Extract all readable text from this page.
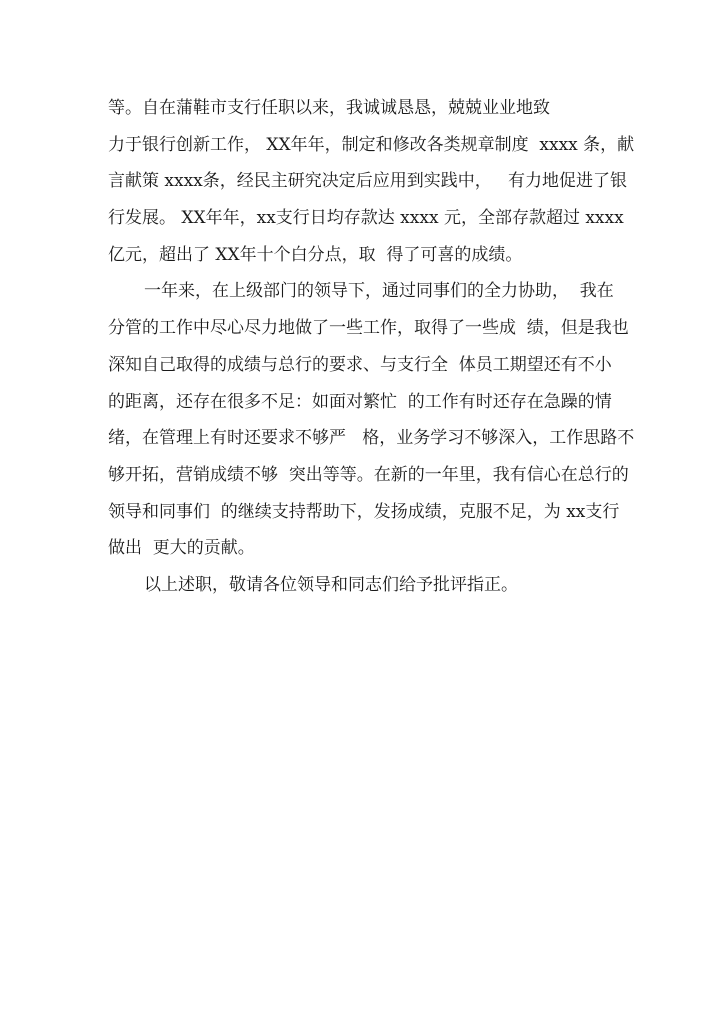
等。自在蒲鞋市支行任职以来，我诚诚恳恳，兢兢业业地致
力于银行创新工作， XX年年，制定和修改各类规章制度  xxxx 条，献
言献策 xxxx条，经民主研究决定后应用到实践中，   有力地促进了银
行发展。 XX年年，xx支行日均存款达 xxxx 元，全部存款超过 xxxx
亿元，超出了 XX年十个白分点，取  得了可喜的成绩。
一年来，在上级部门的领导下，通过同事们的全力协助，  我在
分管的工作中尽心尽力地做了一些工作，取得了一些成  绩，但是我也
深知自己取得的成绩与总行的要求、与支行全  体员工期望还有不小
的距离，还存在很多不足：如面对繁忙  的工作有时还存在急躁的情
绪，在管理上有时还要求不够严   格，业务学习不够深入，工作思路不
够开拓，营销成绩不够  突出等等。在新的一年里，我有信心在总行的
领导和同事们  的继续支持帮助下，发扬成绩，克服不足，为 xx支行
做出  更大的贡献。
以上述职，敬请各位领导和同志们给予批评指正。
